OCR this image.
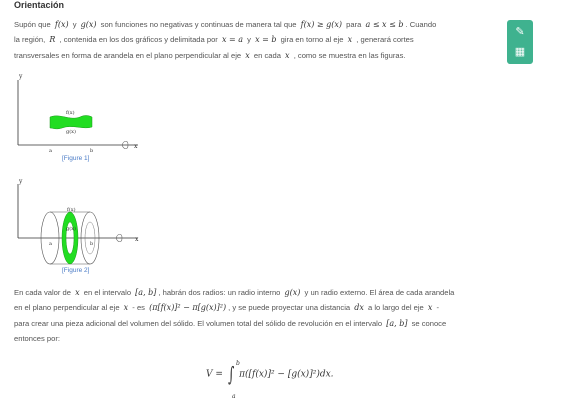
Orientación
✎
▦
Supón que f(x) y g(x) son funciones no negativas y continuas de manera tal que f(x) ≥ g(x) para a ≤ x ≤ b . Cuando
la región, R , contenida en los dos gráficos y delimitada por x = a y x = b gira en torno al eje x , generará cortes
transversales en forma de arandela en el plano perpendicular al eje x en cada x , como se muestra en las figuras.
y
x
f(x)
g(x)
a	b
[Figure 1]
y
x
f(x)
g(x)
a	b
[Figure 2]
En cada valor de x en el intervalo [a, b] , habrán dos radios: un radio interno g(x) y un radio externo. El área de cada arandela
en el plano perpendicular al eje x - es (π[f(x)]² − π[g(x)]²) , y se puede proyectar una distancia dx a lo largo del eje x -
para crear una pieza adicional del volumen del sólido. El volumen total del sólido de revolución en el intervalo [a, b] se conoce
entonces por:
b
V = ∫ π([f(x)]² − [g(x)]²)dx.
a
